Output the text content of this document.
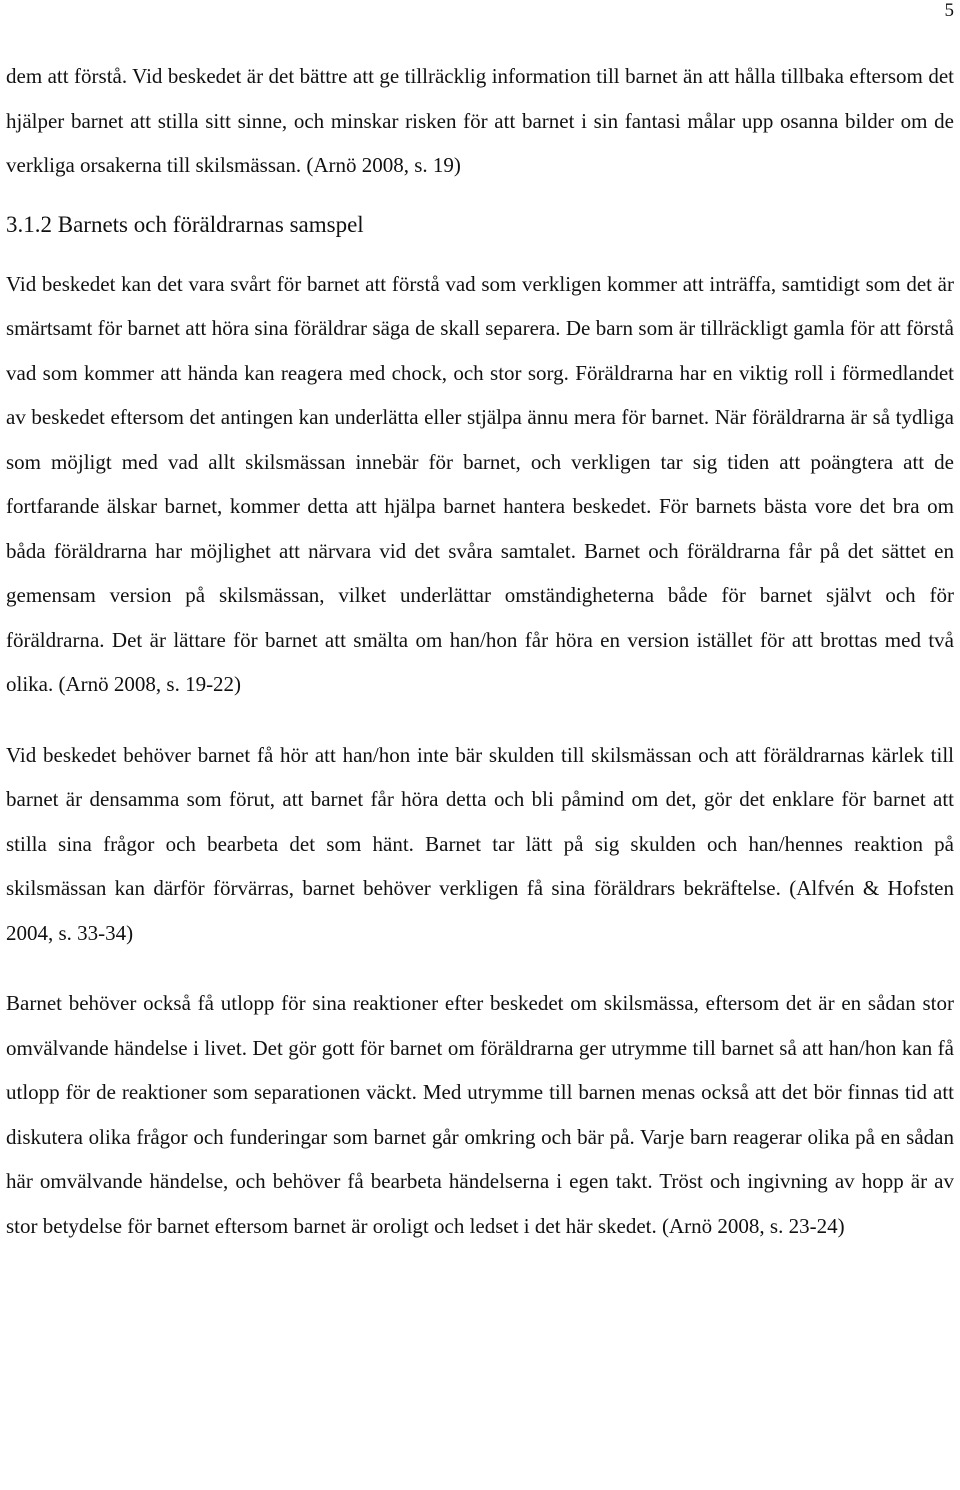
5

dem att förstå. Vid beskedet är det bättre att ge tillräcklig information till barnet än att hålla tillbaka eftersom det hjälper barnet att stilla sitt sinne, och minskar risken för att barnet i sin fantasi målar upp osanna bilder om de verkliga orsakerna till skilsmässan. (Arnö 2008, s. 19)

3.1.2 Barnets och föräldrarnas samspel

Vid beskedet kan det vara svårt för barnet att förstå vad som verkligen kommer att inträffa, samtidigt som det är smärtsamt för barnet att höra sina föräldrar säga de skall separera. De barn som är tillräckligt gamla för att förstå vad som kommer att hända kan reagera med chock, och stor sorg. Föräldrarna har en viktig roll i förmedlandet av beskedet eftersom det antingen kan underlätta eller stjälpa ännu mera för barnet. När föräldrarna är så tydliga som möjligt med vad allt skilsmässan innebär för barnet, och verkligen tar sig tiden att poängtera att de fortfarande älskar barnet, kommer detta att hjälpa barnet hantera beskedet. För barnets bästa vore det bra om båda föräldrarna har möjlighet att närvara vid det svåra samtalet. Barnet och föräldrarna får på det sättet en gemensam version på skilsmässan, vilket underlättar omständigheterna både för barnet självt och för föräldrarna. Det är lättare för barnet att smälta om han/hon får höra en version istället för att brottas med två olika. (Arnö 2008, s. 19-22)

Vid beskedet behöver barnet få hör att han/hon inte bär skulden till skilsmässan och att föräldrarnas kärlek till barnet är densamma som förut, att barnet får höra detta och bli påmind om det, gör det enklare för barnet att stilla sina frågor och bearbeta det som hänt. Barnet tar lätt på sig skulden och han/hennes reaktion på skilsmässan kan därför förvärras, barnet behöver verkligen få sina föräldrars bekräftelse. (Alfvén & Hofsten 2004, s. 33-34)

Barnet behöver också få utlopp för sina reaktioner efter beskedet om skilsmässa, eftersom det är en sådan stor omvälvande händelse i livet. Det gör gott för barnet om föräldrarna ger utrymme till barnet så att han/hon kan få utlopp för de reaktioner som separationen väckt. Med utrymme till barnen menas också att det bör finnas tid att diskutera olika frågor och funderingar som barnet går omkring och bär på. Varje barn reagerar olika på en sådan här omvälvande händelse, och behöver få bearbeta händelserna i egen takt. Tröst och ingivning av hopp är av stor betydelse för barnet eftersom barnet är oroligt och ledset i det här skedet. (Arnö 2008, s. 23-24)
